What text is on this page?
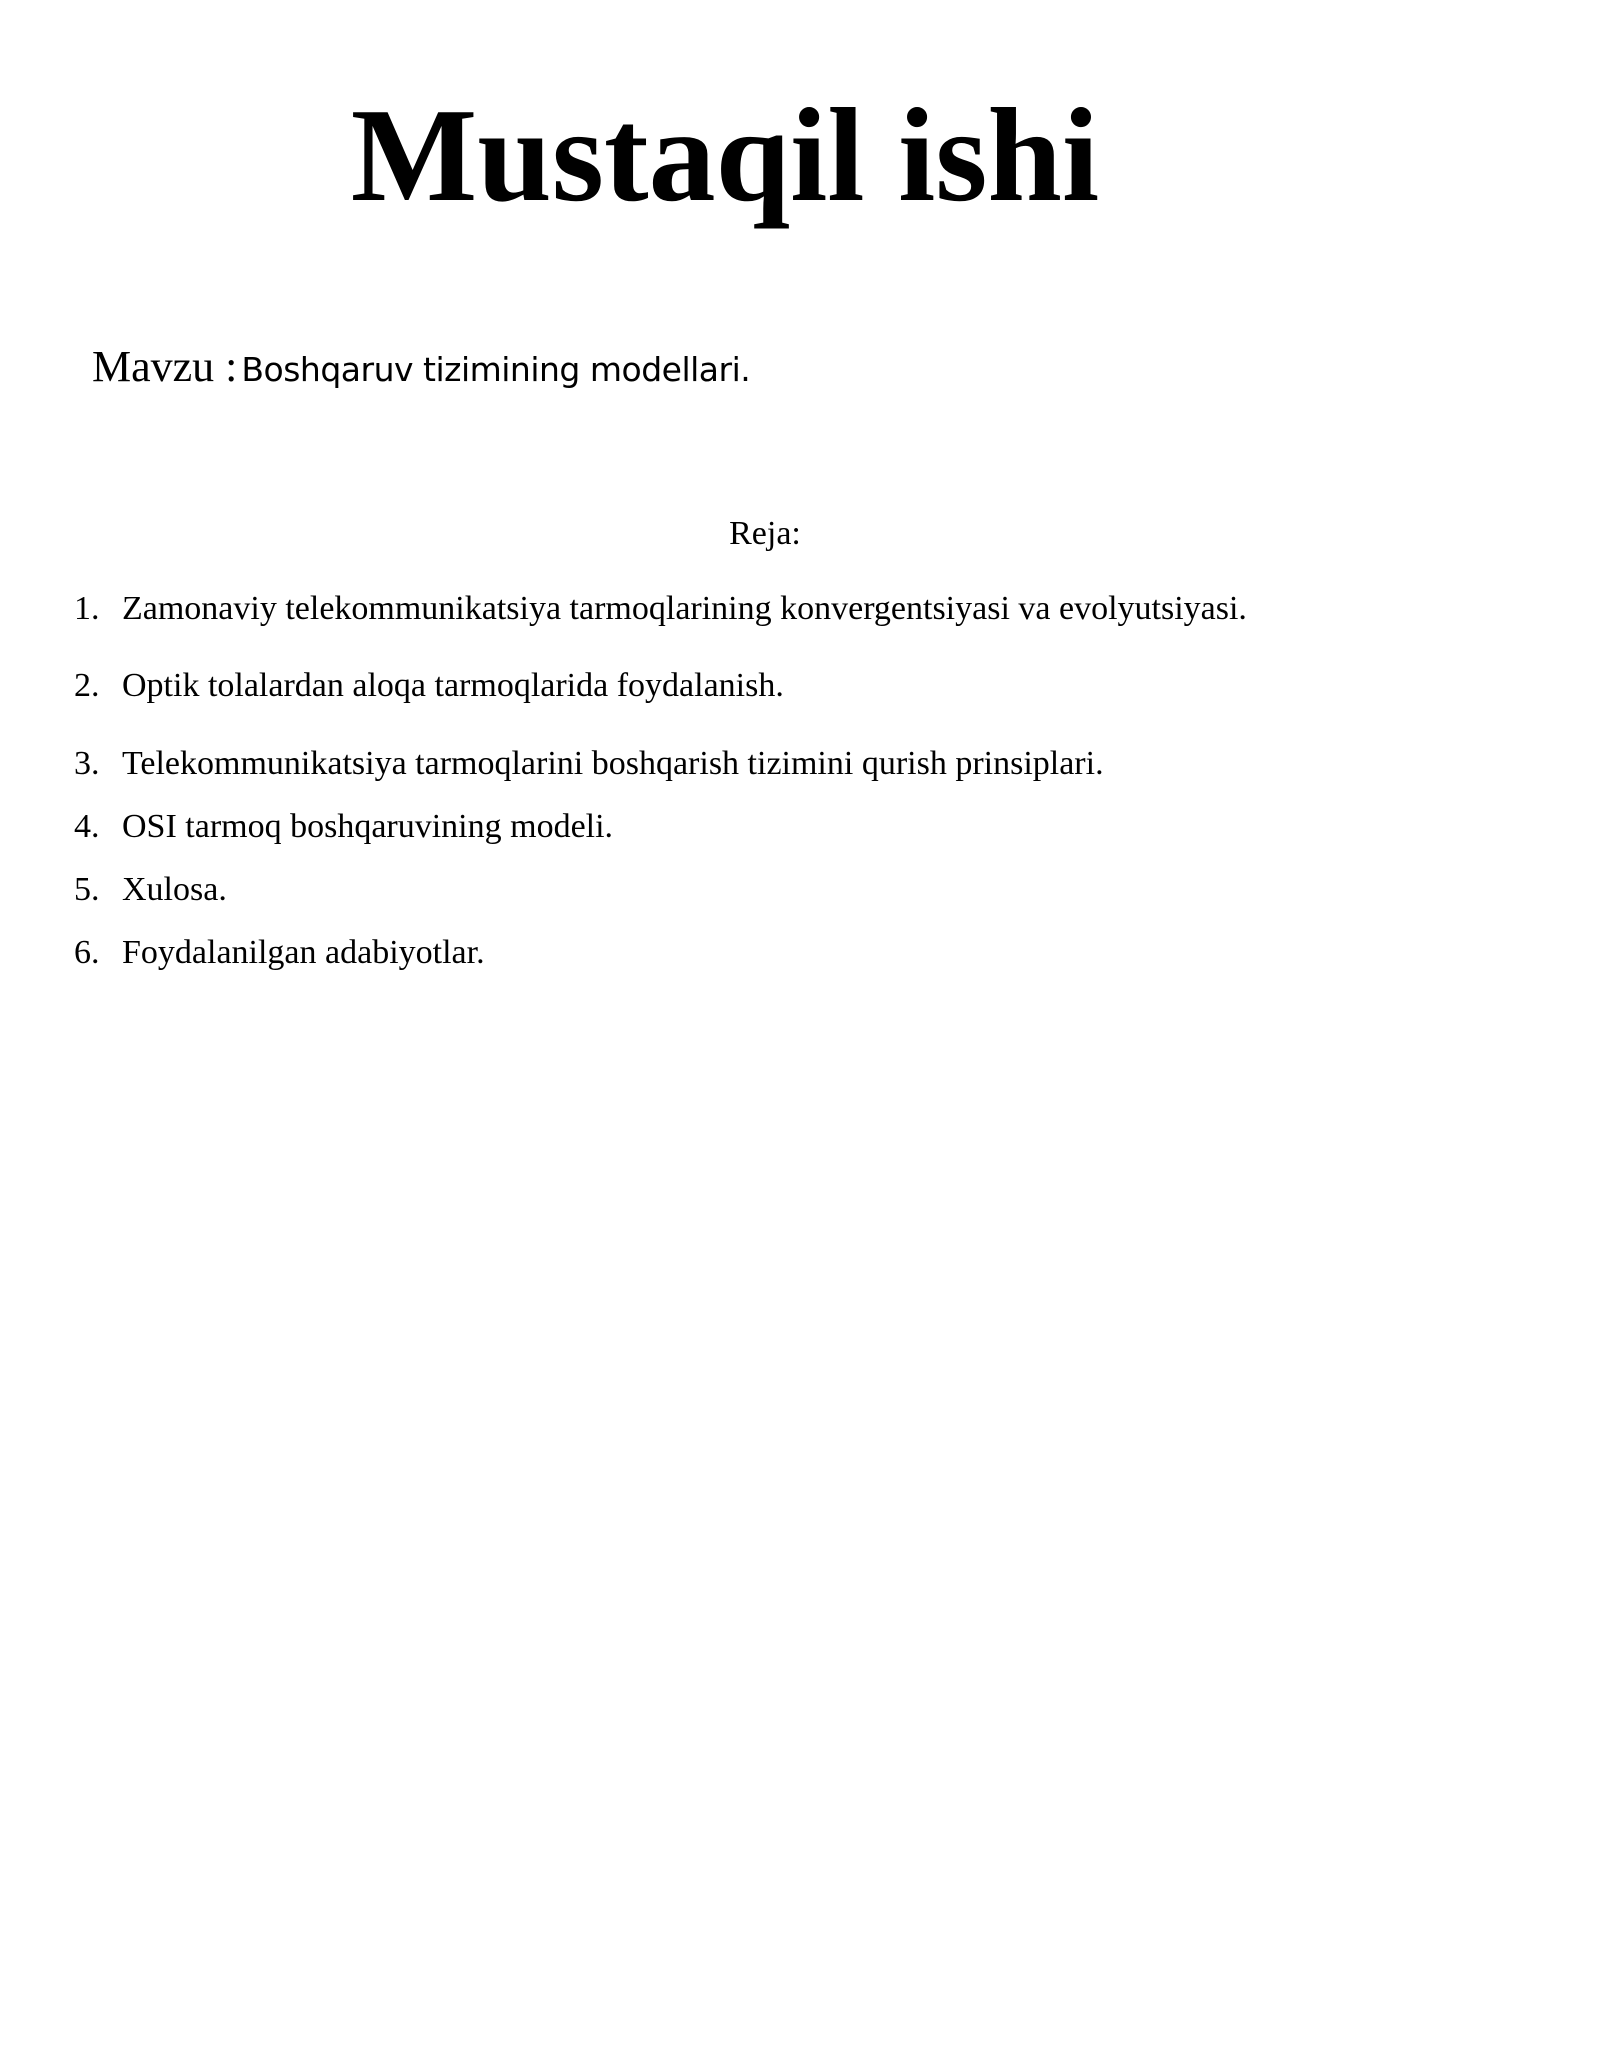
Mustaqil ishi
Mavzu : Boshqaruv tizimining modellari.
Reja:
1. Zamonaviy telekommunikatsiya tarmoqlarining konvergentsiyasi va evolyutsiyasi.
2. Optik tolalardan aloqa tarmoqlarida foydalanish.
3. Telekommunikatsiya tarmoqlarini boshqarish tizimini qurish prinsiplari.
4. OSI tarmoq boshqaruvining modeli.
5. Xulosa.
6. Foydalanilgan adabiyotlar.
